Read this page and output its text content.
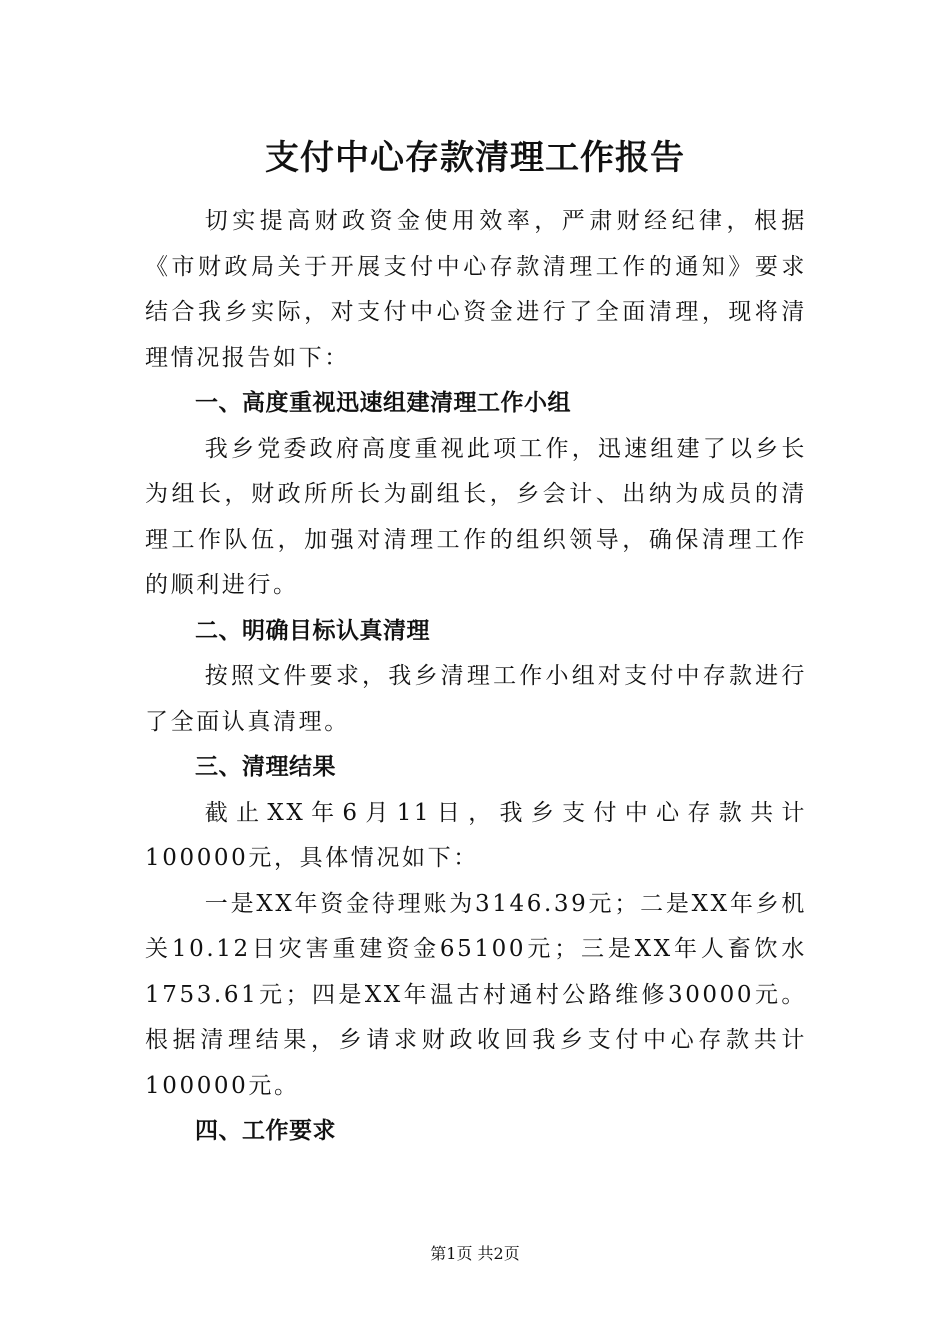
支付中心存款清理工作报告

切实提高财政资金使用效率，严肃财经纪律，根据《市财政局关于开展支付中心存款清理工作的通知》要求结合我乡实际，对支付中心资金进行了全面清理，现将清理情况报告如下：

一、高度重视迅速组建清理工作小组

我乡党委政府高度重视此项工作，迅速组建了以乡长为组长，财政所所长为副组长，乡会计、出纳为成员的清理工作队伍，加强对清理工作的组织领导，确保清理工作的顺利进行。

二、明确目标认真清理

按照文件要求，我乡清理工作小组对支付中存款进行了全面认真清理。

三、清理结果

截止XX年6月11日，我乡支付中心存款共计100000元，具体情况如下：

一是XX年资金待理账为3146.39元；二是XX年乡机关10.12日灾害重建资金65100元；三是XX年人畜饮水1753.61元；四是XX年温古村通村公路维修30000元。根据清理结果，乡请求财政收回我乡支付中心存款共计100000元。

四、工作要求
第1页 共2页
